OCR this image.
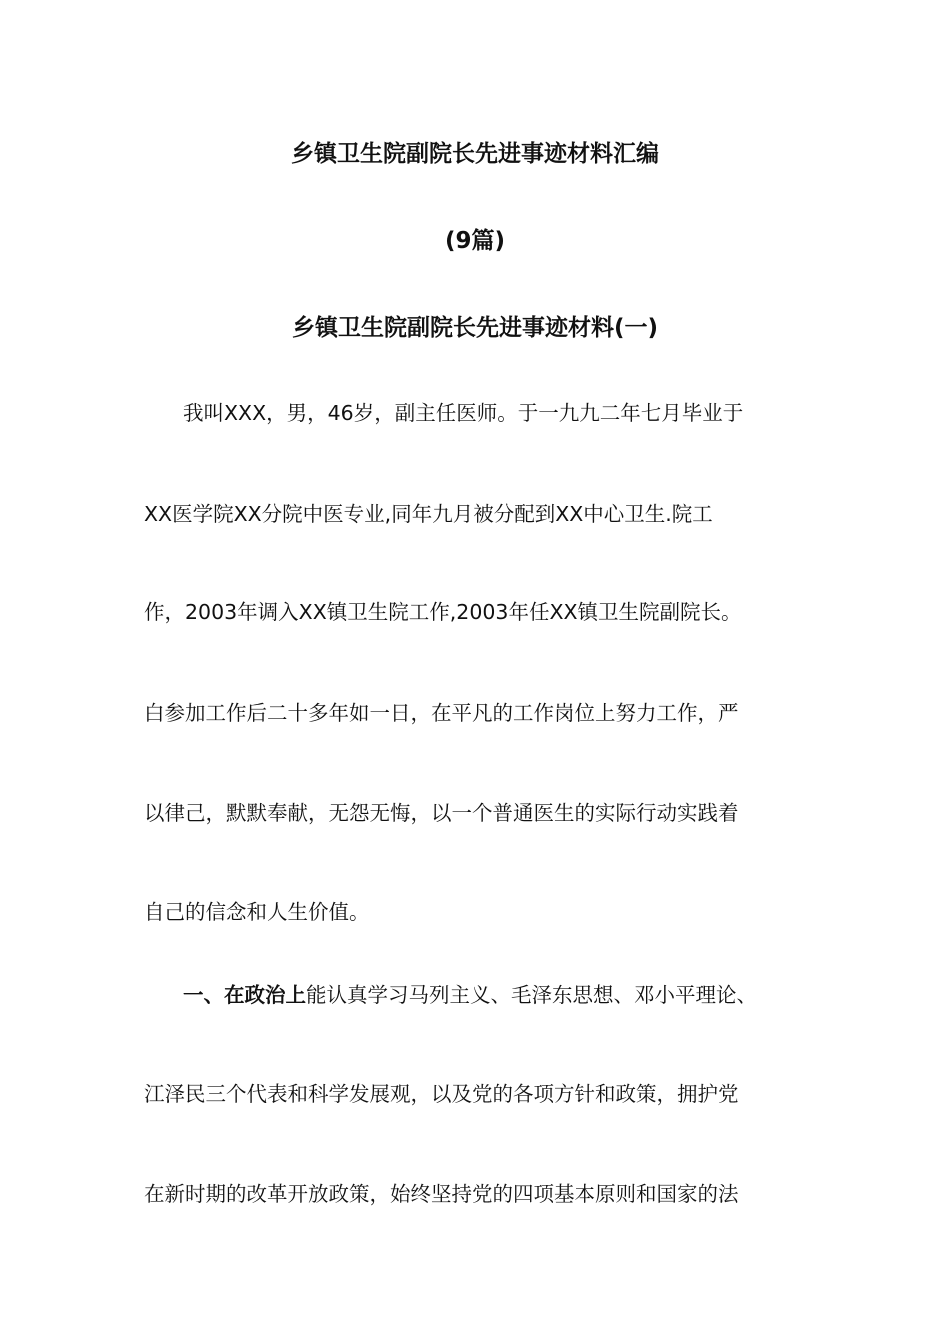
乡镇卫生院副院长先进事迹材料汇编
(9篇)
乡镇卫生院副院长先进事迹材料(一)
我叫XXX，男，46岁，副主任医师。于一九九二年七月毕业于
XX医学院XX分院中医专业,同年九月被分配到XX中心卫生.院工
作，2003年调入XX镇卫生院工作,2003年任XX镇卫生院副院长。
白参加工作后二十多年如一日，在平凡的工作岗位上努力工作，严
以律己，默默奉献，无怨无悔，以一个普通医生的实际行动实践着
自己的信念和人生价值。
一、在政治上能认真学习马列主义、毛泽东思想、邓小平理论、
江泽民三个代表和科学发展观，以及党的各项方针和政策，拥护党
在新时期的改革开放政策，始终坚持党的四项基本原则和国家的法
